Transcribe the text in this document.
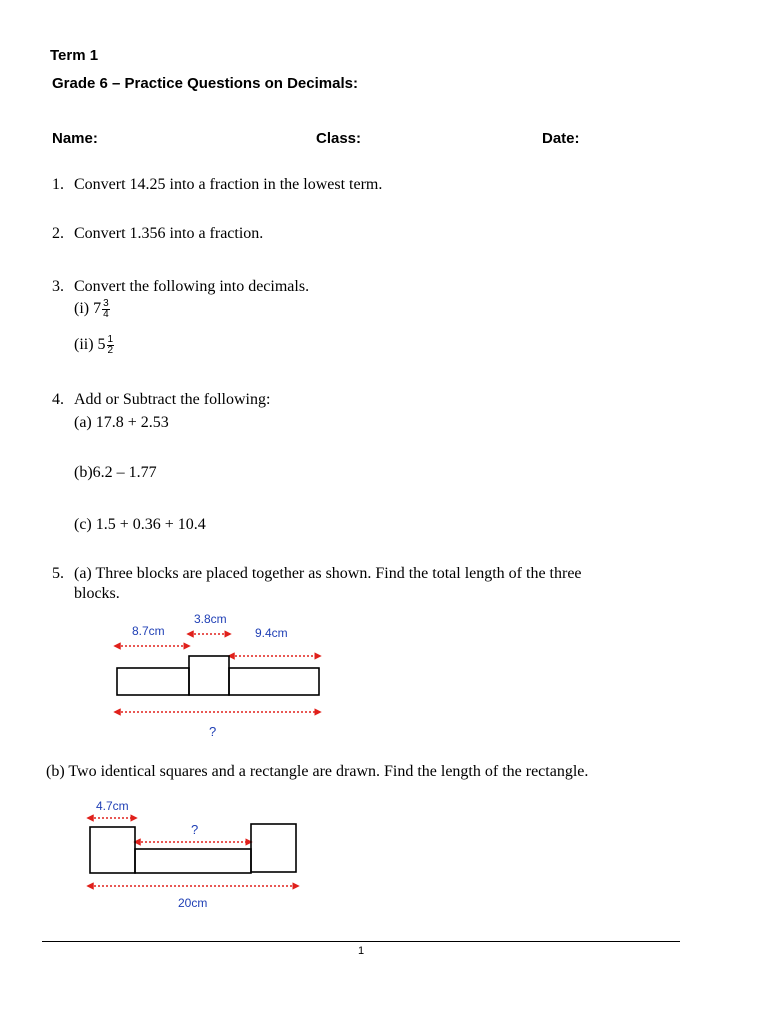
Term 1
Grade 6 – Practice Questions on Decimals:
Name:	Class:	Date:
1. Convert 14.25 into a fraction in the lowest term.
2. Convert 1.356 into a fraction.
3. Convert the following into decimals.
(i) $7 \frac{3}{4}$
(ii) $5 \frac{1}{2}$
4. Add or Subtract the following:
(a) 17.8 + 2.53
(b)6.2 – 1.77
(c) 1.5 + 0.36 + 10.4
5. (a) Three blocks are placed together as shown. Find the total length of the three
blocks.
(b) Two identical squares and a rectangle are drawn. Find the length of the rectangle.
8.7cm
3.8cm
9.4cm
?
4.7cm
?
20cm
1
